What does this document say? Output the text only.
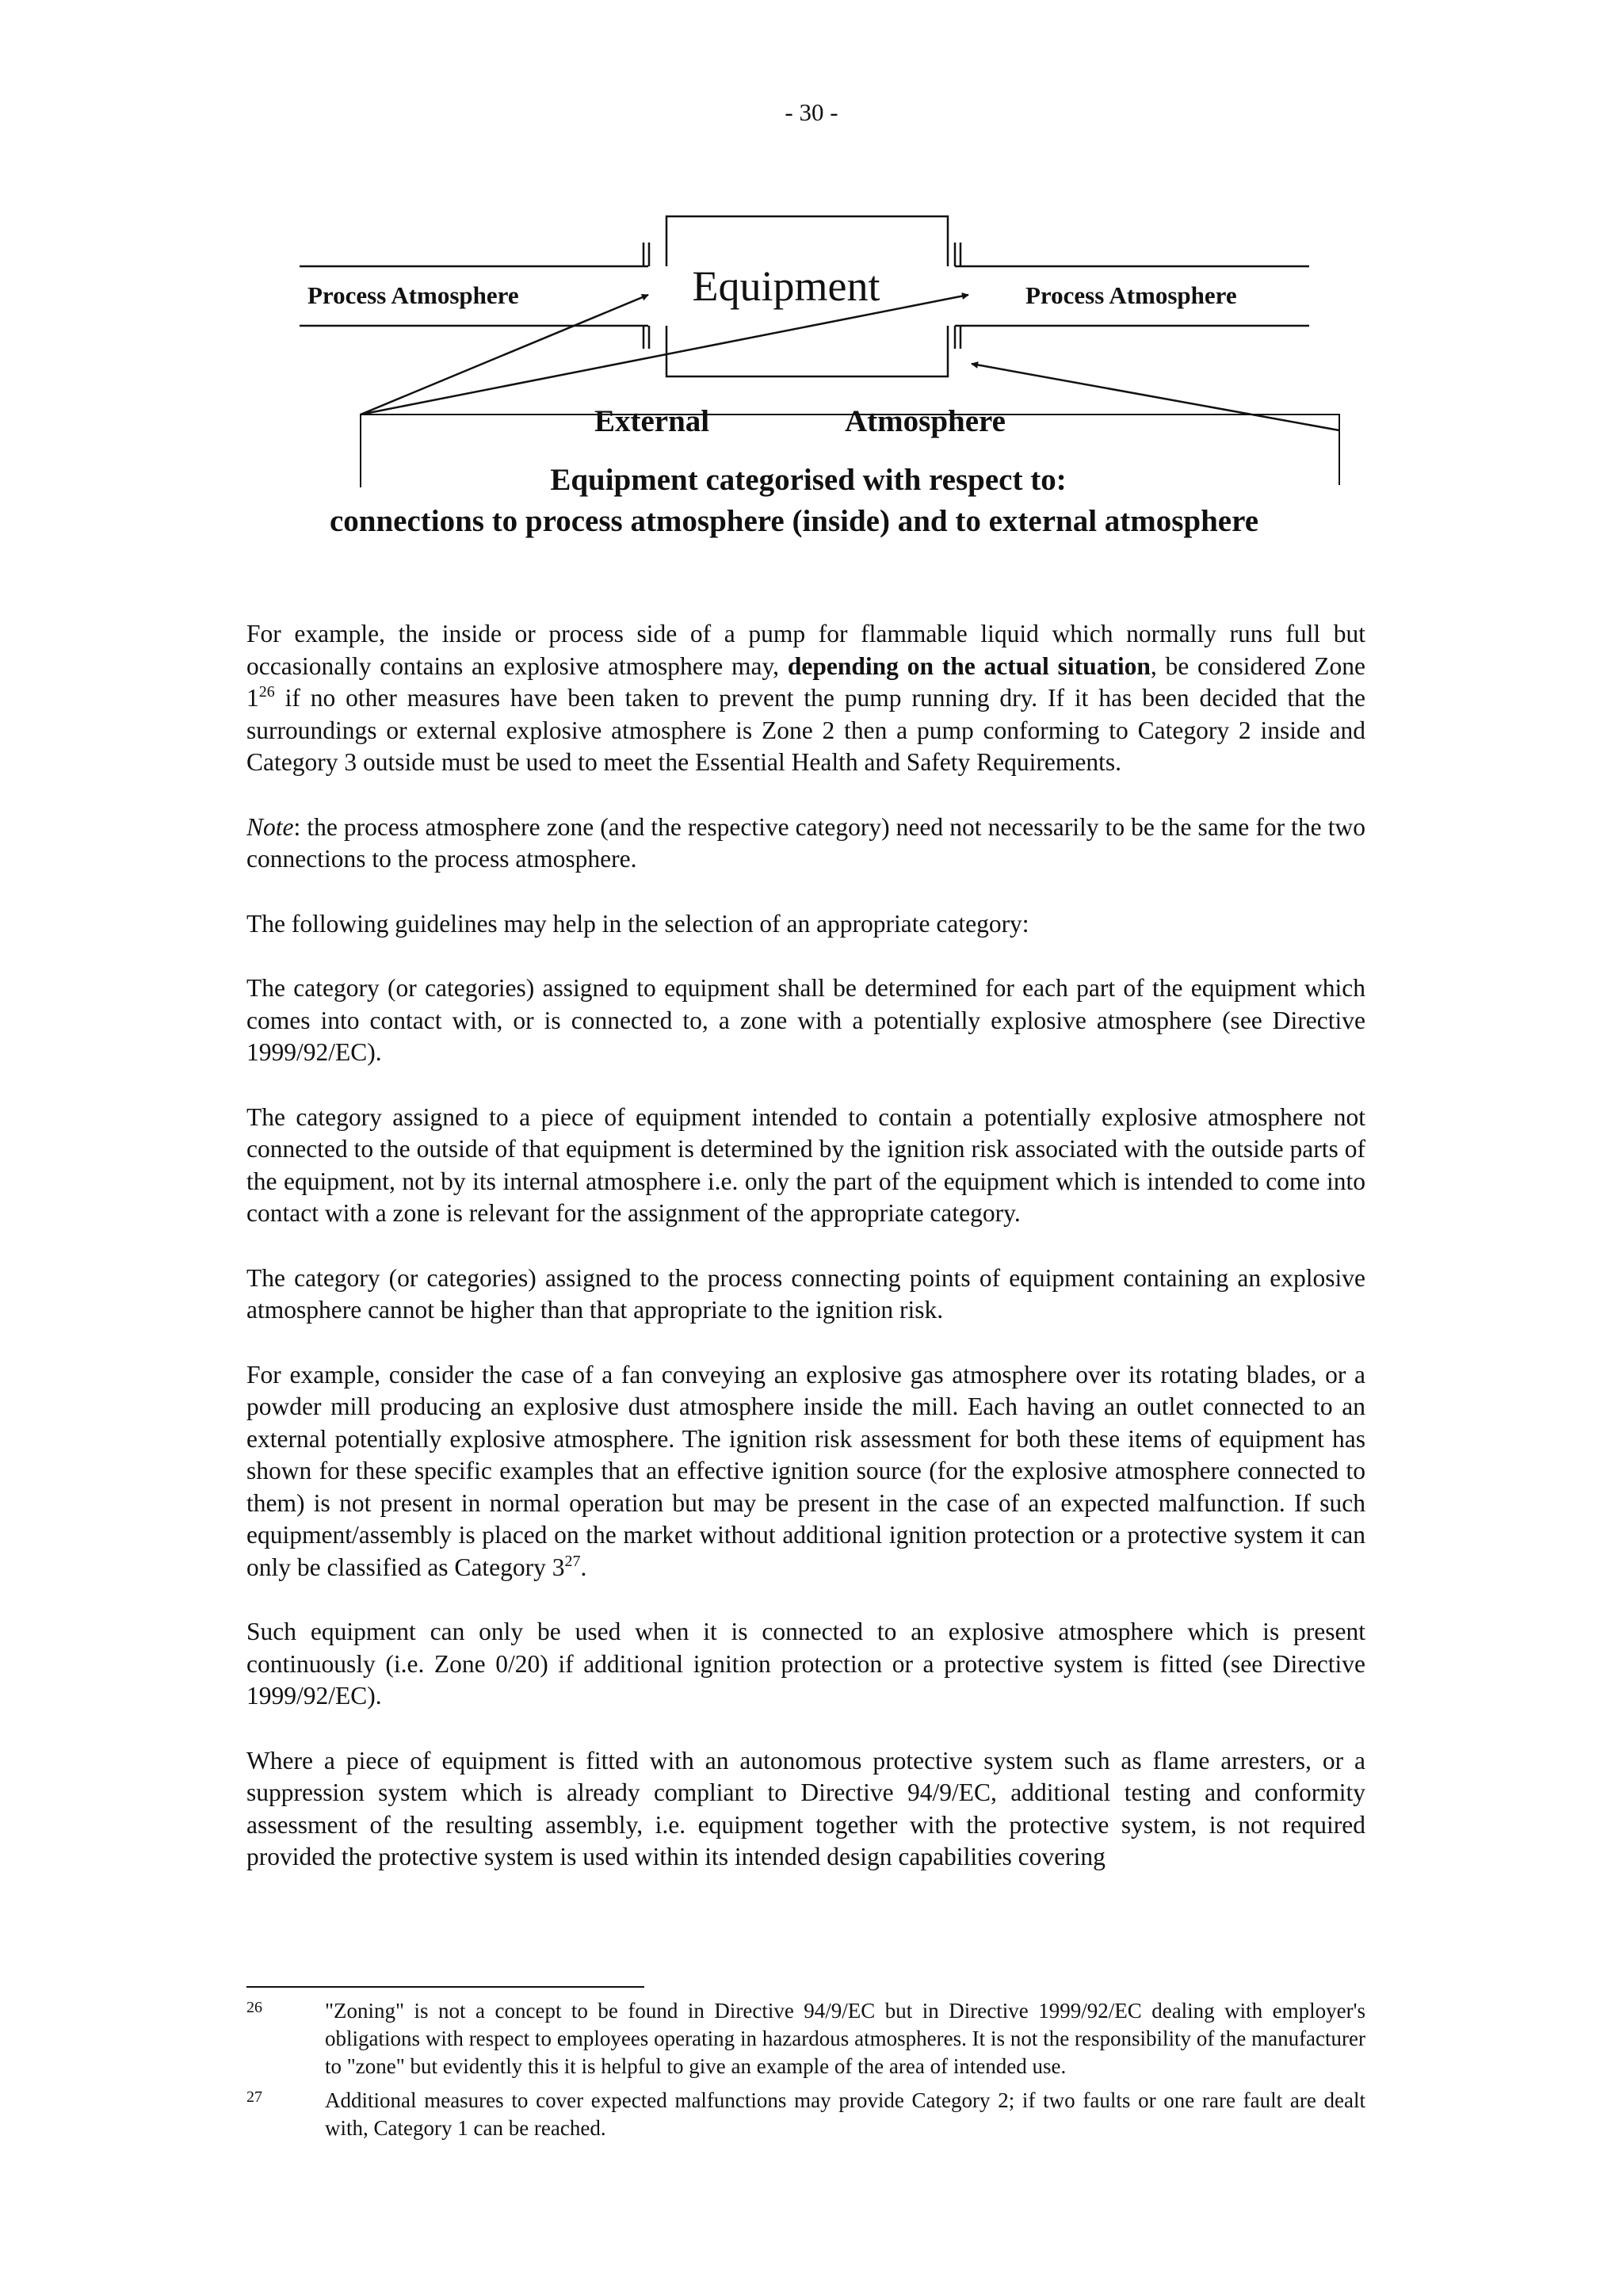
- 30 -
Equipment
Process Atmosphere	Process Atmosphere
External	Atmosphere
Equipment categorised with respect to:
connections to process atmosphere (inside) and to external atmosphere

For example, the inside or process side of a pump for flammable liquid which normally runs full but occasionally contains an explosive atmosphere may, depending on the actual situation, be considered Zone $1^{26}$ if no other measures have been taken to prevent the pump running dry. If it has been decided that the surroundings or external explosive atmosphere is Zone 2 then a pump conforming to Category 2 inside and Category 3 outside must be used to meet the Essential Health and Safety Requirements.

Note: the process atmosphere zone (and the respective category) need not necessarily to be the same for the two connections to the process atmosphere.

The following guidelines may help in the selection of an appropriate category:

The category (or categories) assigned to equipment shall be determined for each part of the equipment which comes into contact with, or is connected to, a zone with a potentially explosive atmosphere (see Directive 1999/92/EC).

The category assigned to a piece of equipment intended to contain a potentially explosive atmosphere not connected to the outside of that equipment is determined by the ignition risk associated with the outside parts of the equipment, not by its internal atmosphere i.e. only the part of the equipment which is intended to come into contact with a zone is relevant for the assignment of the appropriate category.

The category (or categories) assigned to the process connecting points of equipment containing an explosive atmosphere cannot be higher than that appropriate to the ignition risk.

For example, consider the case of a fan conveying an explosive gas atmosphere over its rotating blades, or a powder mill producing an explosive dust atmosphere inside the mill. Each having an outlet connected to an external potentially explosive atmosphere. The ignition risk assessment for both these items of equipment has shown for these specific examples that an effective ignition source (for the explosive atmosphere connected to them) is not present in normal operation but may be present in the case of an expected malfunction. If such equipment/assembly is placed on the market without additional ignition protection or a protective system it can only be classified as Category $3^{27}$.

Such equipment can only be used when it is connected to an explosive atmosphere which is present continuously (i.e. Zone 0/20) if additional ignition protection or a protective system is fitted (see Directive 1999/92/EC).

Where a piece of equipment is fitted with an autonomous protective system such as flame arresters, or a suppression system which is already compliant to Directive 94/9/EC, additional testing and conformity assessment of the resulting assembly, i.e. equipment together with the protective system, is not required provided the protective system is used within its intended design capabilities covering

26	"Zoning" is not a concept to be found in Directive 94/9/EC but in Directive 1999/92/EC dealing with employer's obligations with respect to employees operating in hazardous atmospheres. It is not the responsibility of the manufacturer to "zone" but evidently this it is helpful to give an example of the area of intended use.
27	Additional measures to cover expected malfunctions may provide Category 2; if two faults or one rare fault are dealt with, Category 1 can be reached.
